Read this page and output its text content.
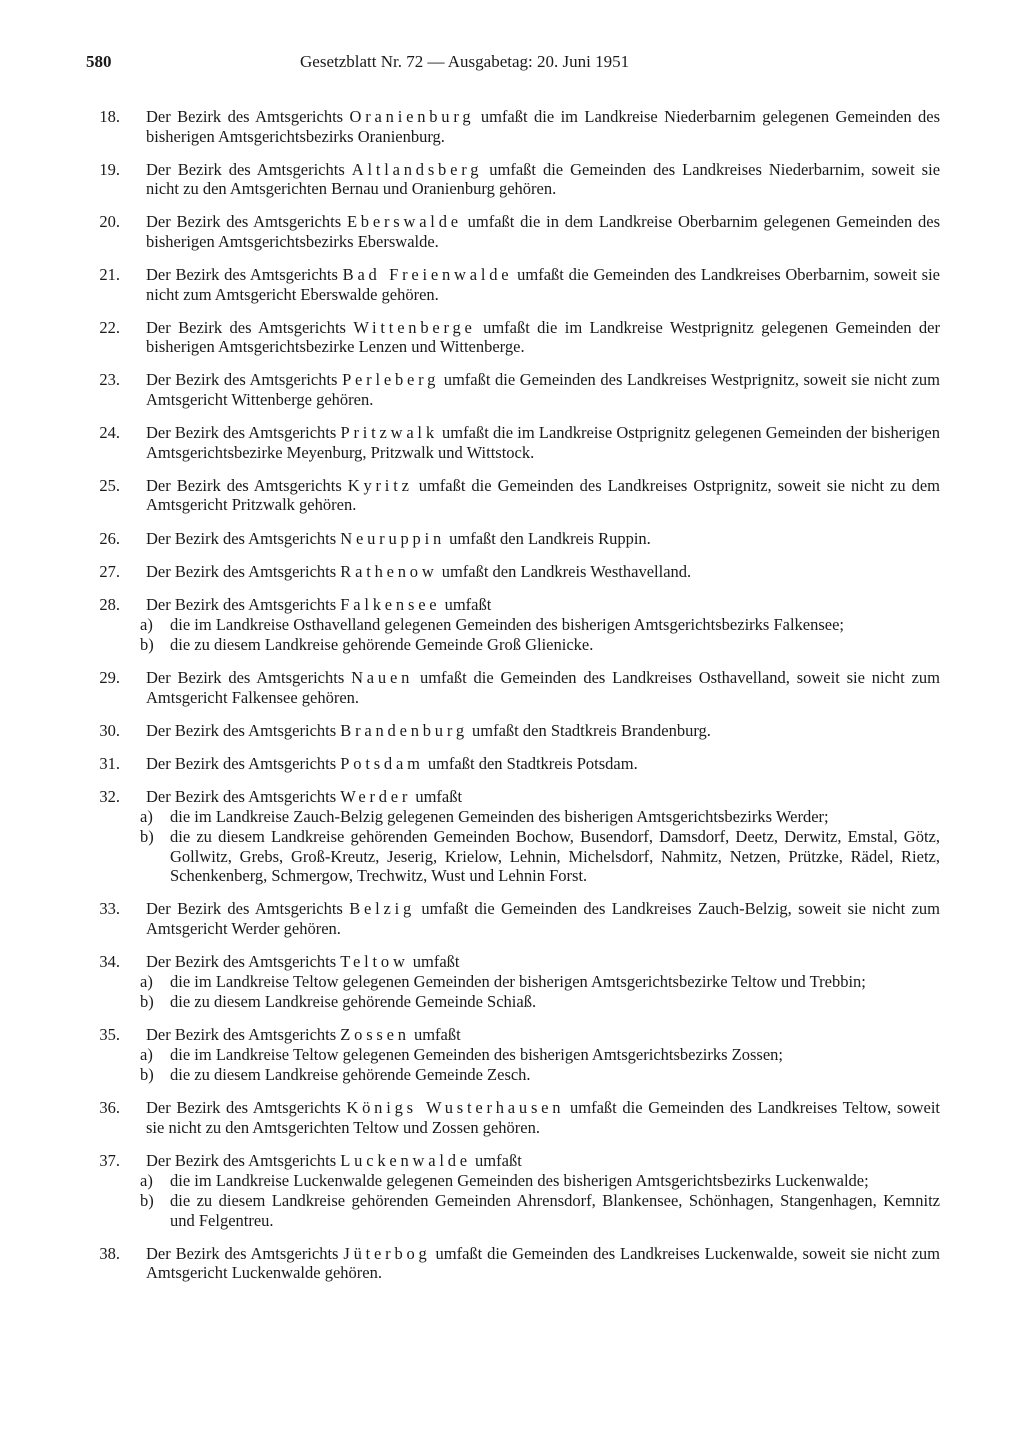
580	Gesetzblatt Nr. 72 — Ausgabetag: 20. Juni 1951
18. Der Bezirk des Amtsgerichts Oranienburg umfaßt die im Landkreise Niederbarnim gelegenen Gemeinden des bisherigen Amtsgerichtsbezirks Oranienburg.
19. Der Bezirk des Amtsgerichts Altlandsberg umfaßt die Gemeinden des Landkreises Niederbarnim, soweit sie nicht zu den Amtsgerichten Bernau und Oranienburg gehören.
20. Der Bezirk des Amtsgerichts Eberswalde umfaßt die in dem Landkreise Oberbarnim gelegenen Gemeinden des bisherigen Amtsgerichtsbezirks Eberswalde.
21. Der Bezirk des Amtsgerichts Bad Freienwalde umfaßt die Gemeinden des Landkreises Oberbarnim, soweit sie nicht zum Amtsgericht Eberswalde gehören.
22. Der Bezirk des Amtsgerichts Wittenberge umfaßt die im Landkreise Westprignitz gelegenen Gemeinden der bisherigen Amtsgerichtsbezirke Lenzen und Wittenberge.
23. Der Bezirk des Amtsgerichts Perleberg umfaßt die Gemeinden des Landkreises Westprignitz, soweit sie nicht zum Amtsgericht Wittenberge gehören.
24. Der Bezirk des Amtsgerichts Pritzwalk umfaßt die im Landkreise Ostprignitz gelegenen Gemeinden der bisherigen Amtsgerichtsbezirke Meyenburg, Pritzwalk und Wittstock.
25. Der Bezirk des Amtsgerichts Kyritz umfaßt die Gemeinden des Landkreises Ostprignitz, soweit sie nicht zu dem Amtsgericht Pritzwalk gehören.
26. Der Bezirk des Amtsgerichts Neuruppin umfaßt den Landkreis Ruppin.
27. Der Bezirk des Amtsgerichts Rathenow umfaßt den Landkreis Westhavelland.
28. Der Bezirk des Amtsgerichts Falkensee umfaßt
a) die im Landkreise Osthavelland gelegenen Gemeinden des bisherigen Amtsgerichtsbezirks Falkensee;
b) die zu diesem Landkreise gehörende Gemeinde Groß Glienicke.
29. Der Bezirk des Amtsgerichts Nauen umfaßt die Gemeinden des Landkreises Osthavelland, soweit sie nicht zum Amtsgericht Falkensee gehören.
30. Der Bezirk des Amtsgerichts Brandenburg umfaßt den Stadtkreis Brandenburg.
31. Der Bezirk des Amtsgerichts Potsdam umfaßt den Stadtkreis Potsdam.
32. Der Bezirk des Amtsgerichts Werder umfaßt
a) die im Landkreise Zauch-Belzig gelegenen Gemeinden des bisherigen Amtsgerichtsbezirks Werder;
b) die zu diesem Landkreise gehörenden Gemeinden Bochow, Busendorf, Damsdorf, Deetz, Derwitz, Emstal, Götz, Gollwitz, Grebs, Groß-Kreutz, Jeserig, Krielow, Lehnin, Michelsdorf, Nahmitz, Netzen, Prützke, Rädel, Rietz, Schenkenberg, Schmergow, Trechwitz, Wust und Lehnin Forst.
33. Der Bezirk des Amtsgerichts Belzig umfaßt die Gemeinden des Landkreises Zauch-Belzig, soweit sie nicht zum Amtsgericht Werder gehören.
34. Der Bezirk des Amtsgerichts Teltow umfaßt
a) die im Landkreise Teltow gelegenen Gemeinden der bisherigen Amtsgerichtsbezirke Teltow und Trebbin;
b) die zu diesem Landkreise gehörende Gemeinde Schiaß.
35. Der Bezirk des Amtsgerichts Zossen umfaßt
a) die im Landkreise Teltow gelegenen Gemeinden des bisherigen Amtsgerichtsbezirks Zossen;
b) die zu diesem Landkreise gehörende Gemeinde Zesch.
36. Der Bezirk des Amtsgerichts Königs Wusterhausen umfaßt die Gemeinden des Landkreises Teltow, soweit sie nicht zu den Amtsgerichten Teltow und Zossen gehören.
37. Der Bezirk des Amtsgerichts Luckenwalde umfaßt
a) die im Landkreise Luckenwalde gelegenen Gemeinden des bisherigen Amtsgerichtsbezirks Luckenwalde;
b) die zu diesem Landkreise gehörenden Gemeinden Ahrensdorf, Blankensee, Schönhagen, Stangenhagen, Kemnitz und Felgentreu.
38. Der Bezirk des Amtsgerichts Jüterbog umfaßt die Gemeinden des Landkreises Luckenwalde, soweit sie nicht zum Amtsgericht Luckenwalde gehören.
